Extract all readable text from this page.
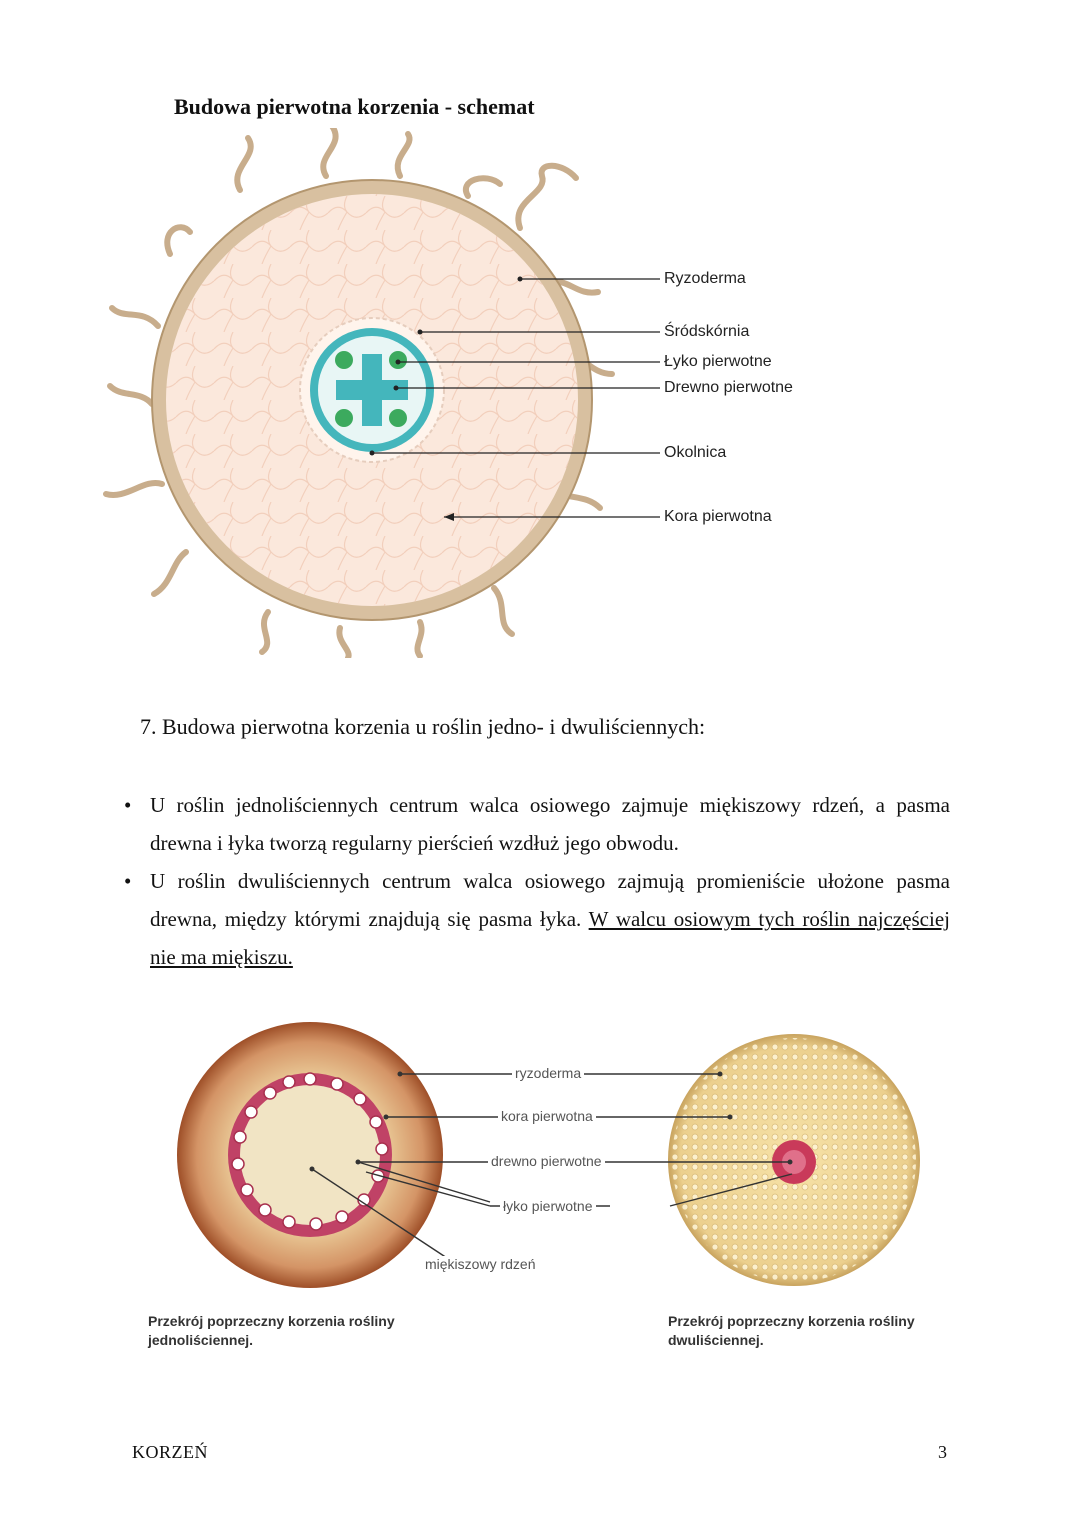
Budowa pierwotna korzenia - schemat
Ryzoderma
Śródskórnia
Łyko pierwotne
Drewno pierwotne
Okolnica
Kora pierwotna
7. Budowa pierwotna korzenia u roślin jedno- i dwuliściennych:
• U roślin jednoliściennych centrum walca osiowego zajmuje miękiszowy rdzeń, a pasma drewna i łyka tworzą regularny pierścień wzdłuż jego obwodu.
• U roślin dwuliściennych centrum walca osiowego zajmują promieniście ułożone pasma drewna, między którymi znajdują się pasma łyka. W walcu osiowym tych roślin najczęściej nie ma miękiszu.
ryzoderma
kora pierwotna
drewno pierwotne
łyko pierwotne
miękiszowy rdzeń
Przekrój poprzeczny korzenia rośliny jednoliściennej.
Przekrój poprzeczny korzenia rośliny dwuliściennej.
KORZEŃ	3
